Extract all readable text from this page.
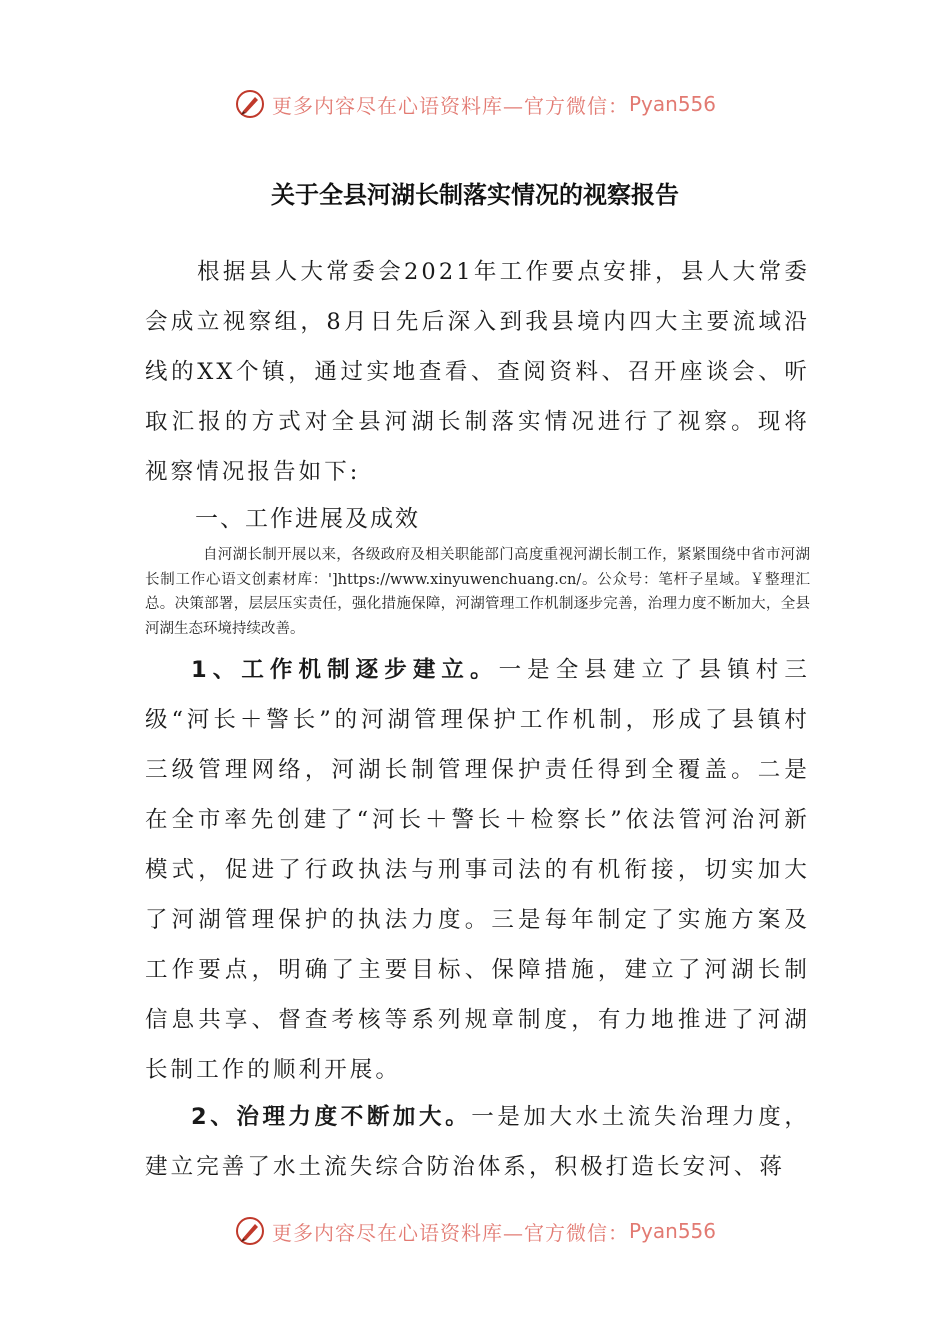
更多内容尽在心语资料库—官方微信： Pyan556
关于全县河湖长制落实情况的视察报告

根据县人大常委会2021年工作要点安排，县人大常委会成立视察组，8月日先后深入到我县境内四大主要流域沿线的XX个镇，通过实地查看、查阅资料、召开座谈会、听取汇报的方式对全县河湖长制落实情况进行了视察。现将视察情况报告如下:

一、工作进展及成效

自河湖长制开展以来，各级政府及相关职能部门高度重视河湖长制工作，紧紧围绕中省市河湖长制工作心语文创素材库：']https://www.xinyuwenchuang.cn/。公众号：笔杆子星域。￥整理汇总。决策部署，层层压实责任，强化措施保障，河湖管理工作机制逐步完善，治理力度不断加大，全县河湖生态环境持续改善。

1、工作机制逐步建立。一是全县建立了县镇村三级“河长＋警长”的河湖管理保护工作机制，形成了县镇村三级管理网络，河湖长制管理保护责任得到全覆盖。二是在全市率先创建了“河长＋警长＋检察长”依法管河治河新模式，促进了行政执法与刑事司法的有机衔接，切实加大了河湖管理保护的执法力度。三是每年制定了实施方案及工作要点，明确了主要目标、保障措施，建立了河湖长制信息共享、督查考核等系列规章制度，有力地推进了河湖长制工作的顺利开展。

2、治理力度不断加大。一是加大水土流失治理力度，建立完善了水土流失综合防治体系，积极打造长安河、蒋

更多内容尽在心语资料库—官方微信： Pyan556
